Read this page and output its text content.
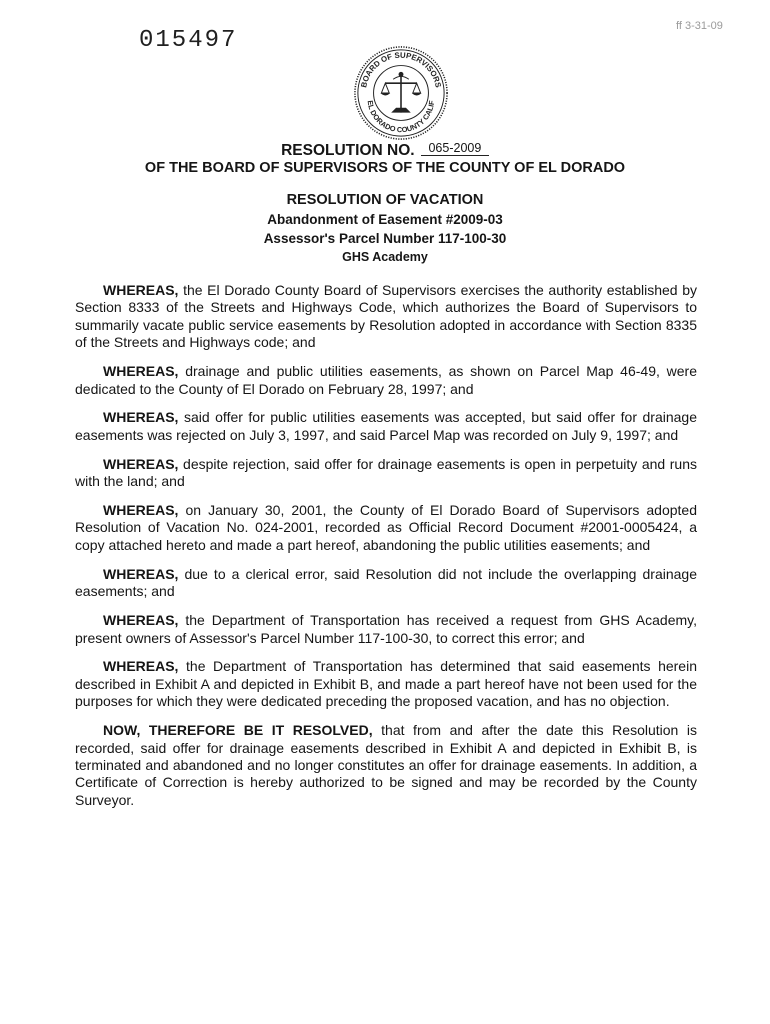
015497
ff 3-31-09
BOARD OF SUPERVISORS
EL DORADO COUNTY CALIF
RESOLUTION NO. 065-2009
OF THE BOARD OF SUPERVISORS OF THE COUNTY OF EL DORADO
RESOLUTION OF VACATION
Abandonment of Easement #2009-03
Assessor's Parcel Number 117-100-30
GHS Academy

WHEREAS, the El Dorado County Board of Supervisors exercises the authority established by Section 8333 of the Streets and Highways Code, which authorizes the Board of Supervisors to summarily vacate public service easements by Resolution adopted in accordance with Section 8335 of the Streets and Highways code; and

WHEREAS, drainage and public utilities easements, as shown on Parcel Map 46-49, were dedicated to the County of El Dorado on February 28, 1997; and

WHEREAS, said offer for public utilities easements was accepted, but said offer for drainage easements was rejected on July 3, 1997, and said Parcel Map was recorded on July 9, 1997; and

WHEREAS, despite rejection, said offer for drainage easements is open in perpetuity and runs with the land; and

WHEREAS, on January 30, 2001, the County of El Dorado Board of Supervisors adopted Resolution of Vacation No. 024-2001, recorded as Official Record Document #2001-0005424, a copy attached hereto and made a part hereof, abandoning the public utilities easements; and

WHEREAS, due to a clerical error, said Resolution did not include the overlapping drainage easements; and

WHEREAS, the Department of Transportation has received a request from GHS Academy, present owners of Assessor's Parcel Number 117-100-30, to correct this error; and

WHEREAS, the Department of Transportation has determined that said easements herein described in Exhibit A and depicted in Exhibit B, and made a part hereof have not been used for the purposes for which they were dedicated preceding the proposed vacation, and has no objection.

NOW, THEREFORE BE IT RESOLVED, that from and after the date this Resolution is recorded, said offer for drainage easements described in Exhibit A and depicted in Exhibit B, is terminated and abandoned and no longer constitutes an offer for drainage easements. In addition, a Certificate of Correction is hereby authorized to be signed and may be recorded by the County Surveyor.
